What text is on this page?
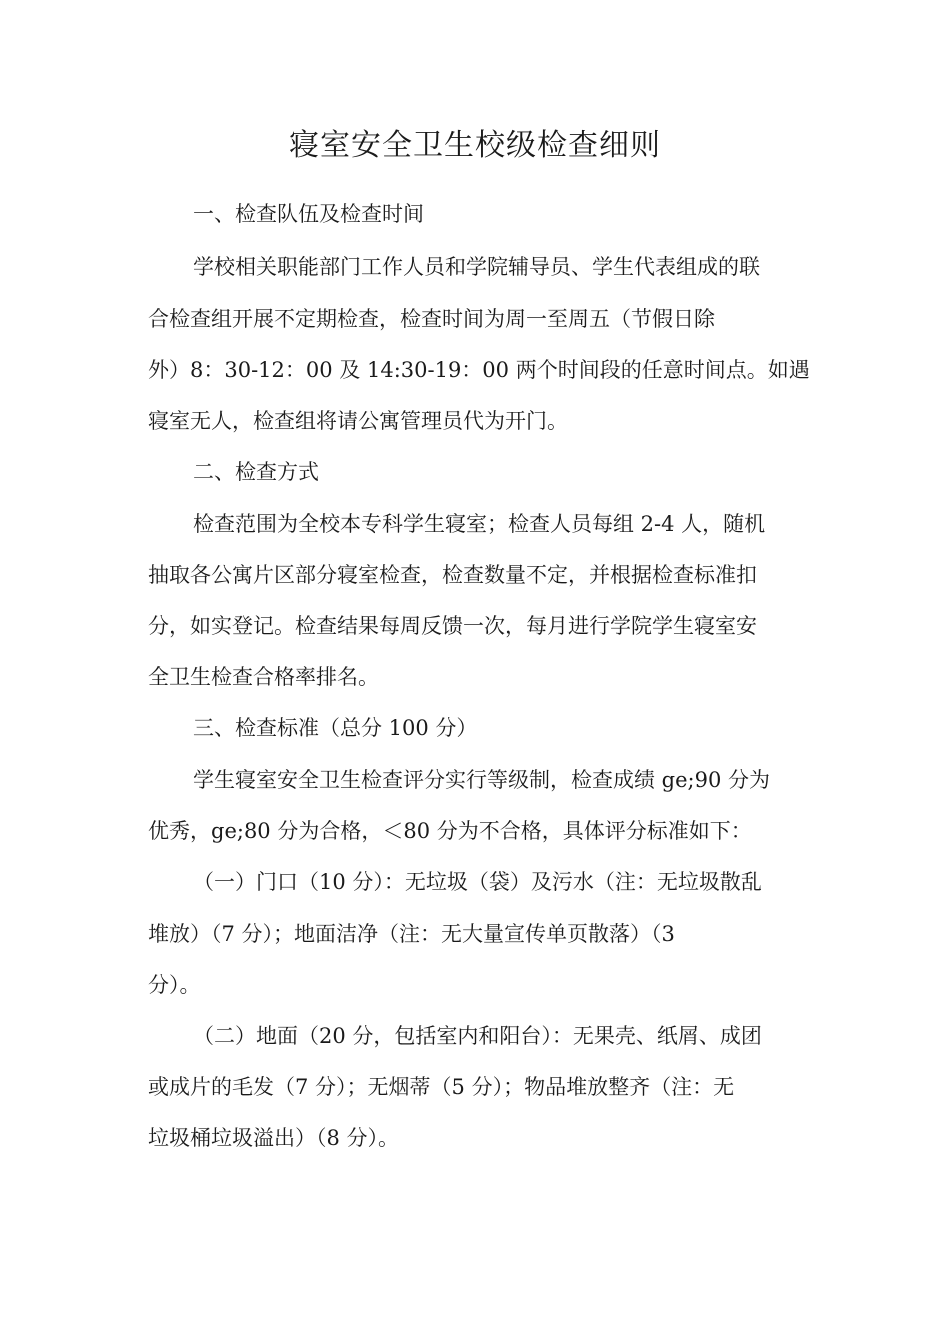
寝室安全卫生校级检查细则
一、检查队伍及检查时间
学校相关职能部门工作人员和学院辅导员、学生代表组成的联
合检查组开展不定期检查，检查时间为周一至周五（节假日除
外）8：30-12：00 及 14:30-19：00 两个时间段的任意时间点。如遇
寝室无人，检查组将请公寓管理员代为开门。
二、检查方式
检查范围为全校本专科学生寝室；检查人员每组 2-4 人，随机
抽取各公寓片区部分寝室检查，检查数量不定，并根据检查标准扣
分，如实登记。检查结果每周反馈一次，每月进行学院学生寝室安
全卫生检查合格率排名。
三、检查标准（总分 100 分）
学生寝室安全卫生检查评分实行等级制，检查成绩 ge;90 分为
优秀，ge;80 分为合格，＜80 分为不合格，具体评分标准如下：
（一）门口（10 分）：无垃圾（袋）及污水（注：无垃圾散乱
堆放）（7 分）；地面洁净（注：无大量宣传单页散落）（3
分）。
（二）地面（20 分，包括室内和阳台）：无果壳、纸屑、成团
或成片的毛发（7 分）；无烟蒂（5 分）；物品堆放整齐（注：无
垃圾桶垃圾溢出）（8 分）。
